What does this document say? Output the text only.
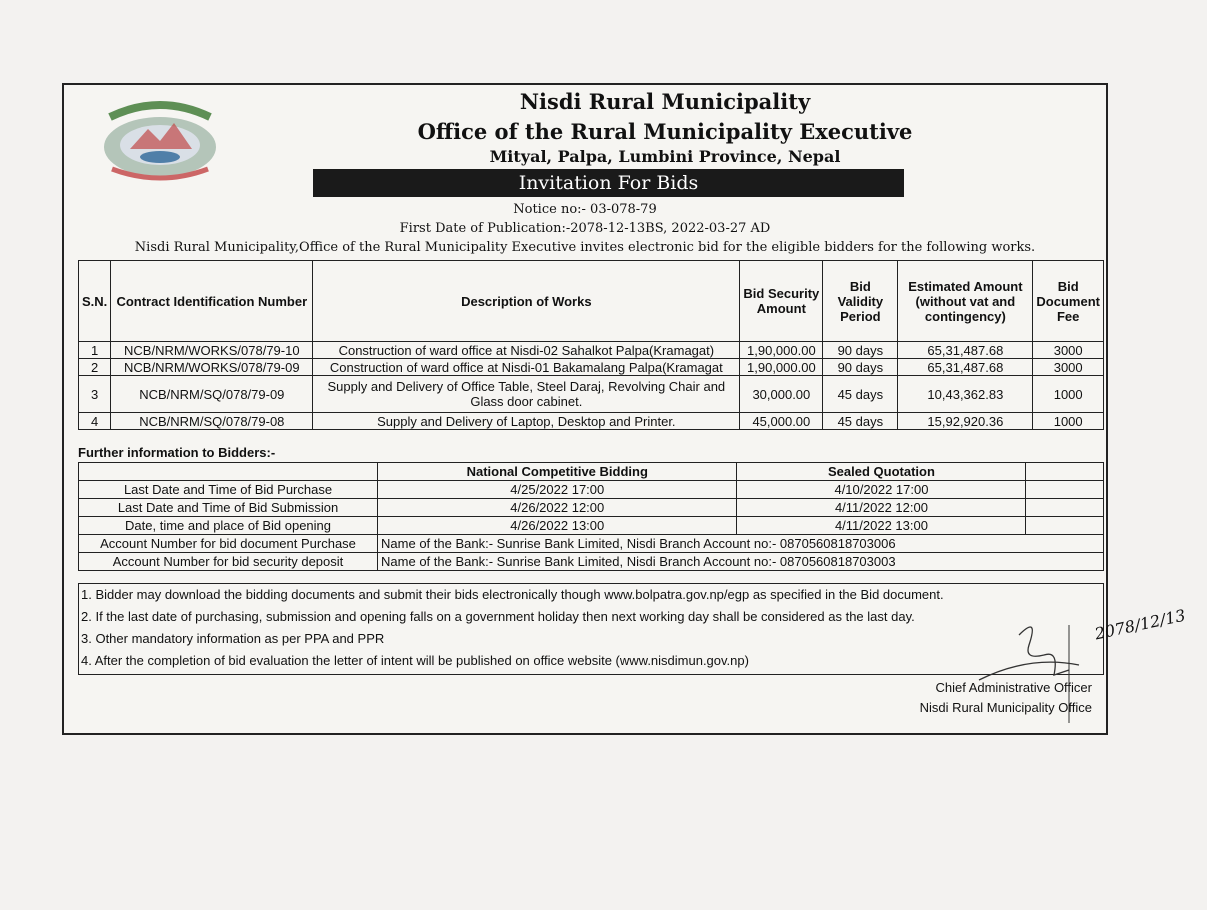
Nisdi Rural Municipality
Office of the Rural Municipality Executive
Mityal, Palpa, Lumbini Province, Nepal
Invitation For Bids
Notice no:- 03-078-79
First Date of Publication:-2078-12-13BS, 2022-03-27 AD
Nisdi Rural Municipality,Office of the Rural Municipality Executive invites electronic bid for the eligible bidders for the following works.
S.N.	Contract Identification Number	Description of Works	Bid Security Amount	Bid Validity Period	Estimated Amount (without vat and contingency)	Bid Document Fee
1	NCB/NRM/WORKS/078/79-10	Construction of ward office at Nisdi-02 Sahalkot Palpa(Kramagat)	1,90,000.00	90 days	65,31,487.68	3000
2	NCB/NRM/WORKS/078/79-09	Construction of ward office at Nisdi-01 Bakamalang Palpa(Kramagat	1,90,000.00	90 days	65,31,487.68	3000
3	NCB/NRM/SQ/078/79-09	Supply and Delivery of Office Table, Steel Daraj, Revolving Chair and Glass door cabinet.	30,000.00	45 days	10,43,362.83	1000
4	NCB/NRM/SQ/078/79-08	Supply and Delivery of Laptop, Desktop and Printer.	45,000.00	45 days	15,92,920.36	1000
Further information to Bidders:-
	National Competitive Bidding	Sealed Quotation	
Last Date and Time of Bid Purchase	4/25/2022 17:00	4/10/2022 17:00	
Last Date and Time of Bid Submission	4/26/2022 12:00	4/11/2022 12:00	
Date, time and place of Bid opening	4/26/2022 13:00	4/11/2022 13:00	
Account Number for bid document Purchase	Name of the Bank:- Sunrise Bank Limited, Nisdi Branch Account no:- 0870560818703006		
Account Number for bid security deposit	Name of the Bank:- Sunrise Bank Limited, Nisdi Branch Account no:- 0870560818703003		
1. Bidder may download the bidding documents and submit their bids electronically though www.bolpatra.gov.np/egp as specified in the Bid document.
2. If the last date of purchasing, submission and opening falls on a government holiday then next working day shall be considered as the last day.
3. Other mandatory information as per PPA and PPR
4. After the completion of bid evaluation the letter of intent will be published on office website (www.nisdimun.gov.np)
2078/12/13
Chief Administrative Officer
Nisdi Rural Municipality Office
